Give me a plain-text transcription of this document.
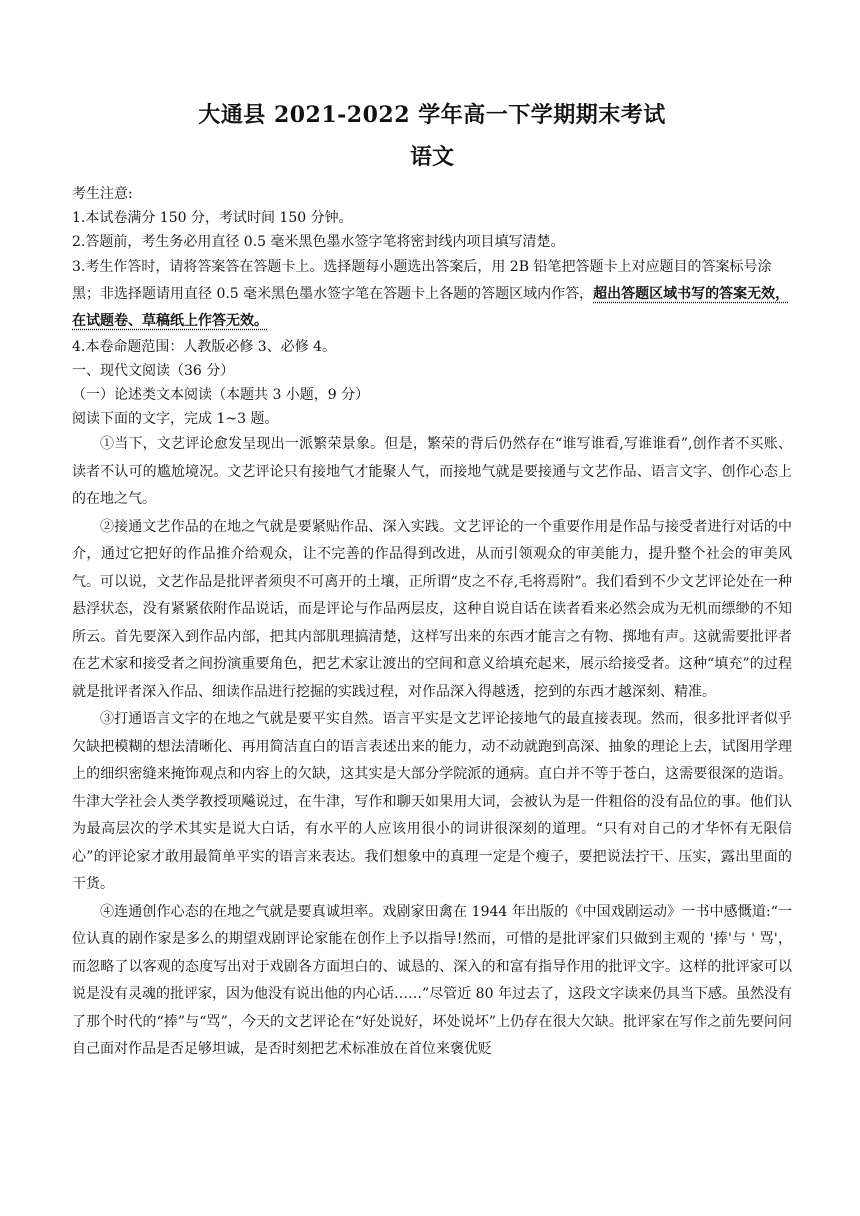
大通县 2021-2022 学年高一下学期期末考试
语文

考生注意:

1.本试卷满分 150 分，考试时间 150 分钟。

2.答题前，考生务必用直径 0.5 毫米黑色墨水签字笔将密封线内项目填写清楚。

3.考生作答时，请将答案答在答题卡上。选择题每小题选出答案后，用 2B 铅笔把答题卡上对应题目的答案标号涂黑；非选择题请用直径 0.5 毫米黑色墨水签字笔在答题卡上各题的答题区域内作答，超出答题区域书写的答案无效，在试题卷、草稿纸上作答无效。

4.本卷命题范围：人教版必修 3、必修 4。

一、现代文阅读（36 分）

（一）论述类文本阅读（本题共 3 小题，9 分）

阅读下面的文字，完成 1~3 题。

①当下，文艺评论愈发呈现出一派繁荣景象。但是，繁荣的背后仍然存在“谁写谁看,写谁谁看”,创作者不买账、读者不认可的尴尬境况。文艺评论只有接地气才能聚人气，而接地气就是要接通与文艺作品、语言文字、创作心态上的在地之气。

②接通文艺作品的在地之气就是要紧贴作品、深入实践。文艺评论的一个重要作用是作品与接受者进行对话的中介，通过它把好的作品推介给观众，让不完善的作品得到改进，从而引领观众的审美能力，提升整个社会的审美风气。可以说，文艺作品是批评者须臾不可离开的土壤，正所谓“皮之不存,毛将焉附”。我们看到不少文艺评论处在一种悬浮状态，没有紧紧依附作品说话，而是评论与作品两层皮，这种自说自话在读者看来必然会成为无机而缥缈的不知所云。首先要深入到作品内部，把其内部肌理搞清楚，这样写出来的东西才能言之有物、掷地有声。这就需要批评者在艺术家和接受者之间扮演重要角色，把艺术家让渡出的空间和意义给填充起来，展示给接受者。这种“填充”的过程就是批评者深入作品、细读作品进行挖掘的实践过程，对作品深入得越透，挖到的东西才越深刻、精准。

③打通语言文字的在地之气就是要平实自然。语言平实是文艺评论接地气的最直接表现。然而，很多批评者似乎欠缺把模糊的想法清晰化、再用简洁直白的语言表述出来的能力，动不动就跑到高深、抽象的理论上去，试图用学理上的细织密缝来掩饰观点和内容上的欠缺，这其实是大部分学院派的通病。直白并不等于苍白，这需要很深的造诣。牛津大学社会人类学教授项飚说过，在牛津，写作和聊天如果用大词，会被认为是一件粗俗的没有品位的事。他们认为最高层次的学术其实是说大白话，有水平的人应该用很小的词讲很深刻的道理。“只有对自己的才华怀有无限信心”的评论家才敢用最简单平实的语言来表达。我们想象中的真理一定是个瘦子，要把说法拧干、压实，露出里面的干货。

④连通创作心态的在地之气就是要真诚坦率。戏剧家田禽在 1944 年出版的《中国戏剧运动》一书中感慨道:“一位认真的剧作家是多么的期望戏剧评论家能在创作上予以指导!然而，可惜的是批评家们只做到主观的 '捧'与 ' 骂'，而忽略了以客观的态度写出对于戏剧各方面坦白的、诚恳的、深入的和富有指导作用的批评文字。这样的批评家可以说是没有灵魂的批评家，因为他没有说出他的内心话……”尽管近 80 年过去了，这段文字读来仍具当下感。虽然没有了那个时代的“捧”与“骂”，今天的文艺评论在“好处说好，坏处说坏”上仍存在很大欠缺。批评家在写作之前先要问问自己面对作品是否足够坦诚，是否时刻把艺术标准放在首位来褒优贬
